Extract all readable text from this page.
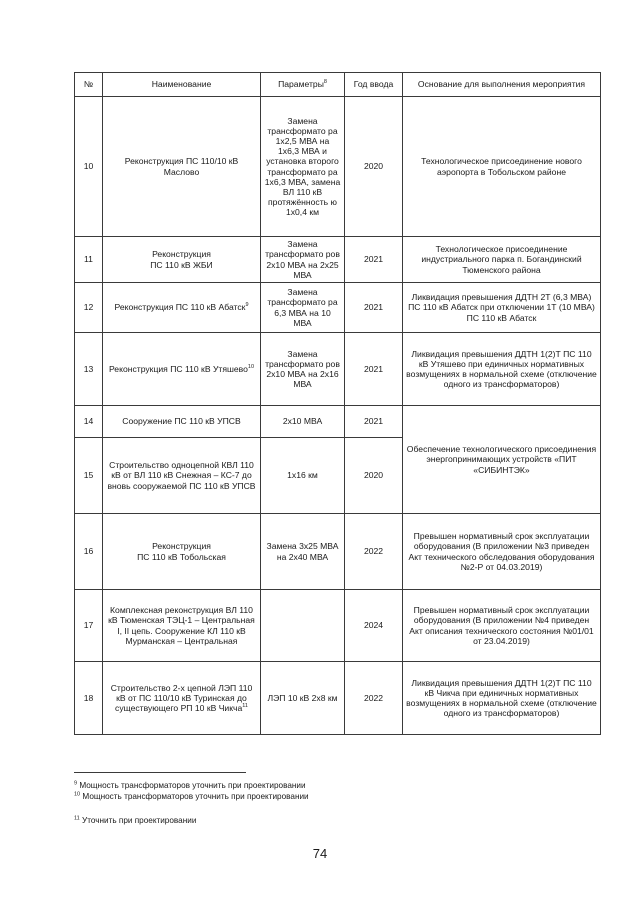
№	Наименование	Параметры$^8$	Год ввода	Основание для выполнения мероприятия
10	Реконструкция ПС 110/10 кВ Маслово	Замена трансформато ра 1х2,5 МВА на 1х6,3 МВА и установка второго трансформато ра 1х6,3 МВА, замена ВЛ 110 кВ протяжённость ю 1х0,4 км	2020	Технологическое присоединение нового аэропорта в Тобольском районе
11	Реконструкция
ПС 110 кВ ЖБИ	Замена трансформато ров 2х10 МВА на 2х25 МВА	2021	Технологическое присоединение индустриального парка п. Богандинский Тюменского района
12	Реконструкция ПС 110 кВ Абатск$^9$	Замена трансформато ра 6,3 МВА на 10 МВА	2021	Ликвидация превышения ДДТН 2Т (6,3 МВА) ПС 110 кВ Абатск при отключении 1Т (10 МВА) ПС 110 кВ Абатск
13	Реконструкция ПС 110 кВ Утяшево$^{10}$	Замена трансформато ров 2х10 МВА на 2х16 МВА	2021	Ликвидация превышения ДДТН 1(2)Т ПС 110 кВ Утяшево при единичных нормативных возмущениях в нормальной схеме (отключение одного из трансформаторов)
14	Сооружение ПС 110 кВ УПСВ	2х10 МВА	2021	Обеспечение технологического присоединения энергопринимающих устройств «ПИТ «СИБИНТЭК»
15	Строительство одноцепной КВЛ 110 кВ от ВЛ 110 кВ Снежная – КС-7 до вновь сооружаемой ПС 110 кВ УПСВ	1х16 км	2020	
16	Реконструкция
ПС 110 кВ Тобольская	Замена 3х25 МВА на 2х40 МВА	2022	Превышен нормативный срок эксплуатации оборудования (В приложении №3 приведен Акт технического обследования оборудования №2-Р от 04.03.2019)
17	Комплексная реконструкция ВЛ 110 кВ Тюменская ТЭЦ-1 – Центральная I, II цепь. Сооружение КЛ 110 кВ Мурманская – Центральная		2024	Превышен нормативный срок эксплуатации оборудования (В приложении №4 приведен Акт описания технического состояния №01/01 от 23.04.2019)
18	Строительство 2-х цепной ЛЭП 110 кВ от ПС 110/10 кВ Туринская до существующего РП 10 кВ Чикча$^{11}$	ЛЭП 10 кВ 2х8 км	2022	Ликвидация превышения ДДТН 1(2)Т ПС 110 кВ Чикча при единичных нормативных возмущениях в нормальной схеме (отключение одного из трансформаторов)

$^9$ Мощность трансформаторов уточнить при проектировании

$^{10}$ Мощность трансформаторов уточнить при проектировании

$^{11}$ Уточнить при проектировании

74
